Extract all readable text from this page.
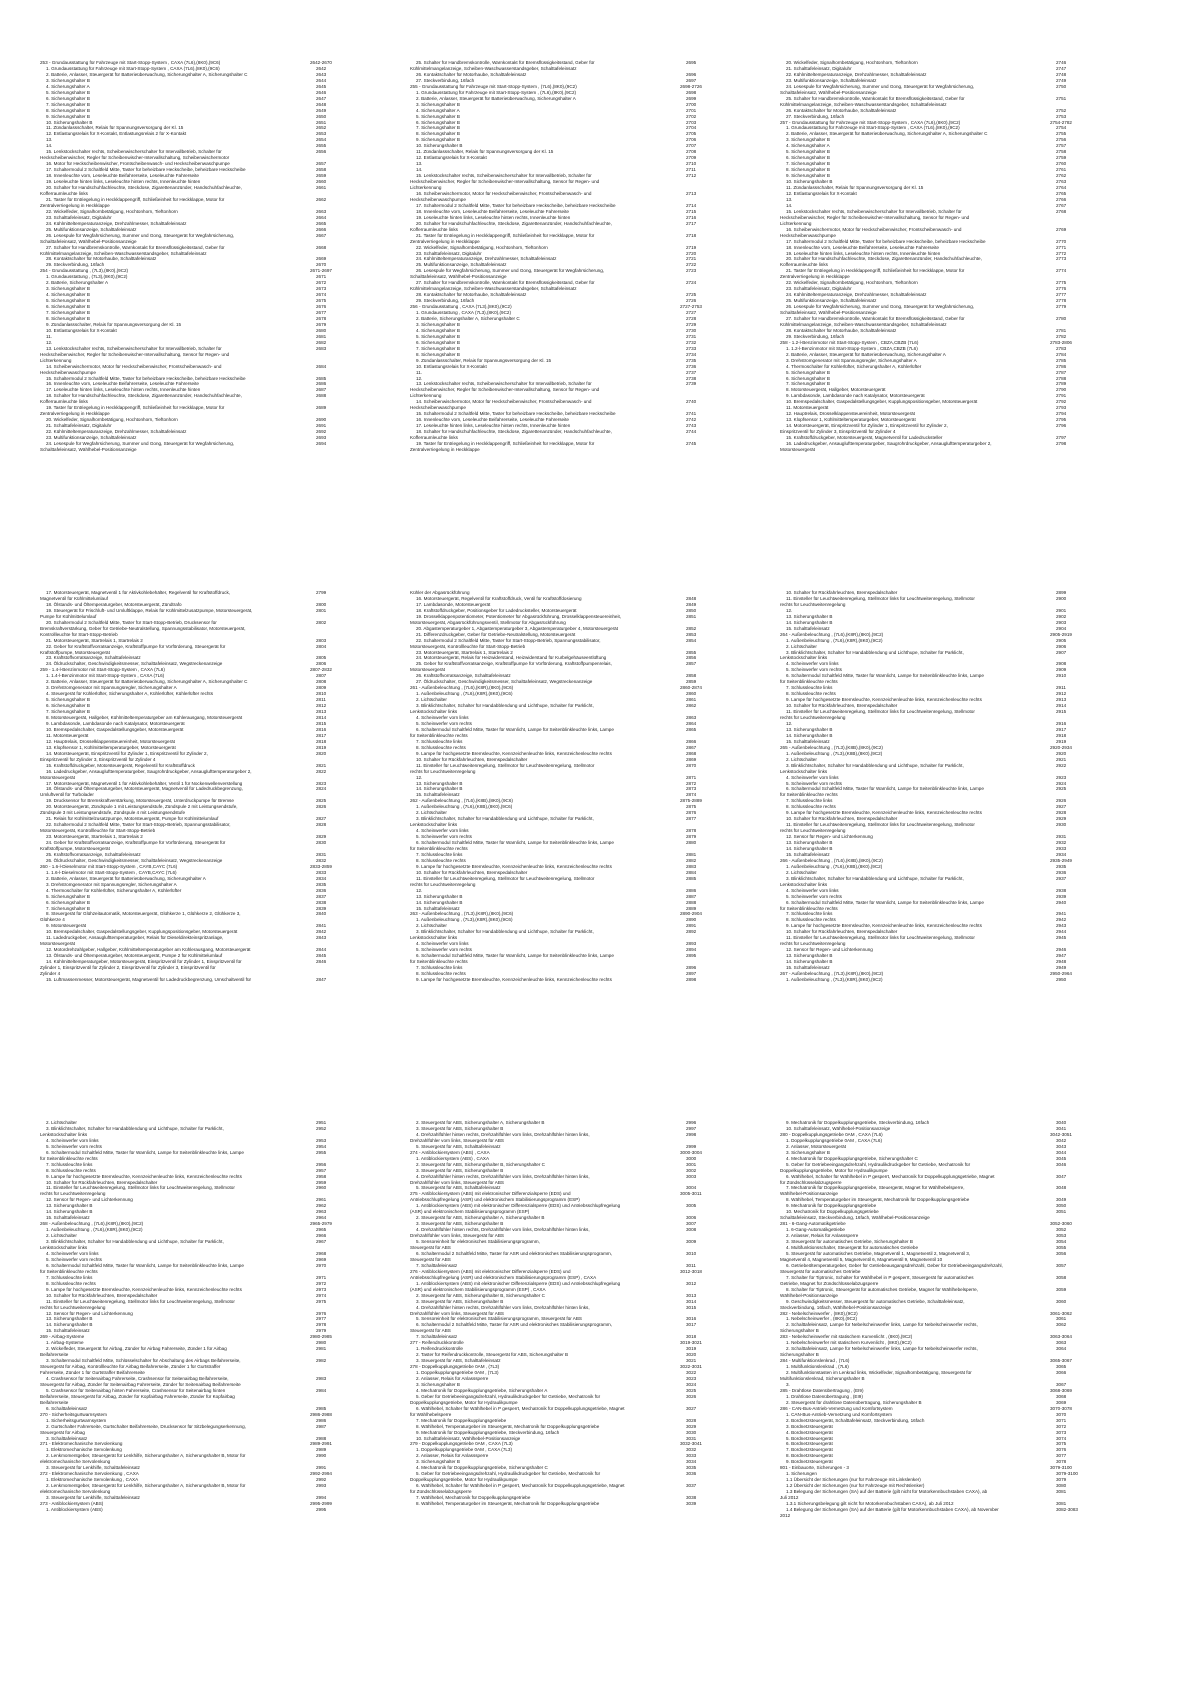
253 - Grundausstattung für Fahrzeuge mit Start-Stopp-System , CAXA (7L6),(8K0),(9C6)	2642-2670
1. Grundausstattung für Fahrzeuge mit Start-Stopp-System , CAXA (7L6),(8K0),(9C6)	2642
2. Batterie, Anlasser, Steuergerät für Batterieüberwachung, Sicherungshalter A, Sicherungshalter C	2643
3. Sicherungshalter B	2644
4. Sicherungshalter A	2645
5. Sicherungshalter B	2646
6. Sicherungshalter B	2647
7. Sicherungshalter B	2648
8. Sicherungshalter B	2649
9. Sicherungshalter B	2650
10. Sicherungshalter B	2651
11. Zündanlassschalter, Relais für Spannungsversorgung der Kl. 15	2652
12. Entlastungsrelais für X-Kontakt, Entlastungsrelais 2 für X-Kontakt	2653
13.	2654
14.	2655
15. Lenkstockschalter rechts, Scheibenwischerschalter für Intervallbetrieb, Schalter für	2656
Heckscheibenwischer, Regler für Scheibenwischer-Intervallschaltung, Scheibenwischermotor
16. Motor für Heckscheibenwischer, Frontscheibenwasch- und Heckscheibenwaschpumpe	2657
17. Schaltermodul 2 Schaltfeld Mitte, Taster für beheizbare Heckscheibe, beheizbare Heckscheibe	2658
18. Innenleuchte vorn, Leseleuchte Beifahrerseite, Leseleuchte Fahrerseite	2659
19. Leseleuchte hinten links, Leseleuchte hinten rechts, Innenleuchte hinten	2660
20. Schalter für Handschuhfachleuchte, Steckdose, Zigarettenanzünder, Handschuhfachleuchte,	2661
Kofferraumleuchte links
21. Taster für Entriegelung in Heckklappengriff, Schließeinheit für Heckklappe, Motor für	2662
Zentralverriegelung in Heckklappe
22. Wickelfeder, Signalhornbetätigung, Hochtonhorn, Tieftonhorn	2663
23. Schalttafeleinsatz, Digitaluhr	2664
24. Kühlmitteltemperaturanzeige, Drehzahlmesser, Schalttafeleinsatz	2665
25. Multifunktionsanzeige, Schalttafeleinsatz	2666
26. Lesespule für Wegfahrsicherung, Summer und Gong, Steuergerät für Wegfahrsicherung,	2667
Schalttafeleinsatz, Wählhebel-Positionsanzeige
27. Schalter für Handbremskontrolle, Warnkontakt für Bremsflüssigkeitsstand, Geber für	2668
Kühlmittelmangelanzeige, Scheiben-Waschwasserstandsgeber, Schalttafeleinsatz
28. Kontaktschalter für Motorhaube, Schalttafeleinsatz	2669
29. Steckverbindung, 16fach	2670
254 - Grundausstattung , (7L3),(8K0),(9C2)	2671-2697
1. Grundausstattung , (7L3),(8K0),(9C2)	2671
2. Batterie, Sicherungshalter A	2672
3. Sicherungshalter B	2673
4. Sicherungshalter B	2674
5. Sicherungshalter B	2675
6. Sicherungshalter B	2676
7. Sicherungshalter B	2677
8. Sicherungshalter B	2678
9. Zündanlassschalter, Relais für Spannungsversorgung der Kl. 15	2679
10. Entlastungsrelais für X-Kontakt	2680
11.	2681
12.	2682
13. Lenkstockschalter rechts, Scheibenwischerschalter für Intervallbetrieb, Schalter für	2683
Heckscheibenwischer, Regler für Scheibenwischer-Intervallschaltung, Sensor für Regen- und
Lichterkennung
14. Scheibenwischermotor, Motor für Heckscheibenwischer, Frontscheibenwasch- und	2684
Heckscheibenwaschpumpe
15. Schaltermodul 2 Schaltfeld Mitte, Taster für beheizbare Heckscheibe, beheizbare Heckscheibe	2685
16. Innenleuchte vorn, Leseleuchte Beifahrerseite, Leseleuchte Fahrerseite	2686
17. Leseleuchte hinten links, Leseleuchte hinten rechts, Innenleuchte hinten	2687
18. Schalter für Handschuhfachleuchte, Steckdose, Zigarettenanzünder, Handschuhfachleuchte,	2688
Kofferraumleuchte links
19. Taster für Entriegelung in Heckklappengriff, Schließeinheit für Heckklappe, Motor für	2689
Zentralverriegelung in Heckklappe
20. Wickelfeder, Signalhornbetätigung, Hochtonhorn, Tieftonhorn	2690
21. Schalttafeleinsatz, Digitaluhr	2691
22. Kühlmitteltemperaturanzeige, Drehzahlmesser, Schalttafeleinsatz	2692
23. Multifunktionsanzeige, Schalttafeleinsatz	2693
24. Lesespule für Wegfahrsicherung, Summer und Gong, Steuergerät für Wegfahrsicherung,	2694
Schalttafeleinsatz, Wählhebel-Positionsanzeige
25. Schalter für Handbremskontrolle, Warnkontakt für Bremsflüssigkeitsstand, Geber für	2695
Kühlmittelmangelanzeige, Scheiben-Waschwasserstandsgeber, Schalttafeleinsatz
26. Kontaktschalter für Motorhaube, Schalttafeleinsatz	2696
27. Steckverbindung, 16fach	2697
255 - Grundausstattung für Fahrzeuge mit Start-Stopp-System , (7L6),(8K0),(9C2)	2698-2726
1. Grundausstattung für Fahrzeuge mit Start-Stopp-System , (7L6),(8K0),(9C2)	2698
2. Batterie, Anlasser, Steuergerät für Batterieüberwachung, Sicherungshalter A	2699
3. Sicherungshalter B	2700
4. Sicherungshalter A	2701
5. Sicherungshalter B	2702
6. Sicherungshalter B	2703
7. Sicherungshalter B	2704
8. Sicherungshalter B	2705
9. Sicherungshalter B	2706
10. Sicherungshalter B	2707
11. Zündanlassschalter, Relais für Spannungsversorgung der Kl. 15	2708
12. Entlastungsrelais für X-Kontakt	2709
13.	2710
14.	2711
15. Lenkstockschalter rechts, Scheibenwischerschalter für Intervallbetrieb, Schalter für	2712
Heckscheibenwischer, Regler für Scheibenwischer-Intervallschaltung, Sensor für Regen- und
Lichterkennung
16. Scheibenwischermotor, Motor für Heckscheibenwischer, Frontscheibenwasch- und	2713
Heckscheibenwaschpumpe
17. Schaltermodul 2 Schaltfeld Mitte, Taster für beheizbare Heckscheibe, beheizbare Heckscheibe	2714
18. Innenleuchte vorn, Leseleuchte Beifahrerseite, Leseleuchte Fahrerseite	2715
19. Leseleuchte hinten links, Leseleuchte hinten rechts, Innenleuchte hinten	2716
20. Schalter für Handschuhfachleuchte, Steckdose, Zigarettenanzünder, Handschuhfachleuchte,	2717
Kofferraumleuchte links
21. Taster für Entriegelung in Heckklappengriff, Schließeinheit für Heckklappe, Motor für	2718
Zentralverriegelung in Heckklappe
22. Wickelfeder, Signalhornbetätigung, Hochtonhorn, Tieftonhorn	2719
23. Schalttafeleinsatz, Digitaluhr	2720
24. Kühlmitteltemperaturanzeige, Drehzahlmesser, Schalttafeleinsatz	2721
25. Multifunktionsanzeige, Schalttafeleinsatz	2722
26. Lesespule für Wegfahrsicherung, Summer und Gong, Steuergerät für Wegfahrsicherung,	2723
Schalttafeleinsatz, Wählhebel-Positionsanzeige
27. Schalter für Handbremskontrolle, Warnkontakt für Bremsflüssigkeitsstand, Geber für	2724
Kühlmittelmangelanzeige, Scheiben-Waschwasserstandsgeber, Schalttafeleinsatz
28. Kontaktschalter für Motorhaube, Schalttafeleinsatz	2725
29. Steckverbindung, 16fach	2726
256 - Grundausstattung , CAXA (7L3),(8K0),(9C2)	2727-2753
1. Grundausstattung , CAXA (7L3),(8K0),(9C2)	2727
2. Batterie, Sicherungshalter A, Sicherungshalter C	2728
3. Sicherungshalter B	2729
4. Sicherungshalter B	2730
5. Sicherungshalter B	2731
6. Sicherungshalter B	2732
7. Sicherungshalter B	2733
8. Sicherungshalter B	2734
9. Zündanlassschalter, Relais für Spannungsversorgung der Kl. 15	2735
10. Entlastungsrelais für X-Kontakt	2736
11.	2737
12.	2738
13. Lenkstockschalter rechts, Scheibenwischerschalter für Intervallbetrieb, Schalter für	2739
Heckscheibenwischer, Regler für Scheibenwischer-Intervallschaltung, Sensor für Regen- und
Lichterkennung
14. Scheibenwischermotor, Motor für Heckscheibenwischer, Frontscheibenwasch- und	2740
Heckscheibenwaschpumpe
15. Schaltermodul 2 Schaltfeld Mitte, Taster für beheizbare Heckscheibe, beheizbare Heckscheibe	2741
16. Innenleuchte vorn, Leseleuchte Beifahrerseite, Leseleuchte Fahrerseite	2742
17. Leseleuchte hinten links, Leseleuchte hinten rechts, Innenleuchte hinten	2743
18. Schalter für Handschuhfachleuchte, Steckdose, Zigarettenanzünder, Handschuhfachleuchte,	2744
Kofferraumleuchte links
19. Taster für Entriegelung in Heckklappengriff, Schließeinheit für Heckklappe, Motor für	2745
Zentralverriegelung in Heckklappe
20. Wickelfeder, Signalhornbetätigung, Hochtonhorn, Tieftonhorn	2746
21. Schalttafeleinsatz, Digitaluhr	2747
22. Kühlmitteltemperaturanzeige, Drehzahlmesser, Schalttafeleinsatz	2748
23. Multifunktionsanzeige, Schalttafeleinsatz	2749
24. Lesespule für Wegfahrsicherung, Summer und Gong, Steuergerät für Wegfahrsicherung,	2750
Schalttafeleinsatz, Wählhebel-Positionsanzeige
25. Schalter für Handbremskontrolle, Warnkontakt für Bremsflüssigkeitsstand, Geber für	2751
Kühlmittelmangelanzeige, Scheiben-Waschwasserstandsgeber, Schalttafeleinsatz
26. Kontaktschalter für Motorhaube, Schalttafeleinsatz	2752
27. Steckverbindung, 16fach	2753
257 - Grundausstattung für Fahrzeuge mit Start-Stopp-System , CAXA (7L6),(8K0),(9C2)	2754-2782
1. Grundausstattung für Fahrzeuge mit Start-Stopp-System , CAXA (7L6),(8K0),(9C2)	2754
2. Batterie, Anlasser, Steuergerät für Batterieüberwachung, Sicherungshalter A, Sicherungshalter C	2755
3. Sicherungshalter B	2756
4. Sicherungshalter A	2757
5. Sicherungshalter B	2758
6. Sicherungshalter B	2759
7. Sicherungshalter B	2760
8. Sicherungshalter B	2761
9. Sicherungshalter B	2762
10. Sicherungshalter B	2763
11. Zündanlassschalter, Relais für Spannungsversorgung der Kl. 15	2764
12. Entlastungsrelais für X-Kontakt	2765
13.	2766
14.	2767
15. Lenkstockschalter rechts, Scheibenwischerschalter für Intervallbetrieb, Schalter für	2768
Heckscheibenwischer, Regler für Scheibenwischer-Intervallschaltung, Sensor für Regen- und
Lichterkennung
16. Scheibenwischermotor, Motor für Heckscheibenwischer, Frontscheibenwasch- und	2769
Heckscheibenwaschpumpe
17. Schaltermodul 2 Schaltfeld Mitte, Taster für beheizbare Heckscheibe, beheizbare Heckscheibe	2770
18. Innenleuchte vorn, Leseleuchte Beifahrerseite, Leseleuchte Fahrerseite	2771
19. Leseleuchte hinten links, Leseleuchte hinten rechts, Innenleuchte hinten	2772
20. Schalter für Handschuhfachleuchte, Steckdose, Zigarettenanzünder, Handschuhfachleuchte,	2773
Kofferraumleuchte links
21. Taster für Entriegelung in Heckklappengriff, Schließeinheit für Heckklappe, Motor für	2774
Zentralverriegelung in Heckklappe
22. Wickelfeder, Signalhornbetätigung, Hochtonhorn, Tieftonhorn	2775
23. Schalttafeleinsatz, Digitaluhr	2776
24. Kühlmitteltemperaturanzeige, Drehzahlmesser, Schalttafeleinsatz	2777
25. Multifunktionsanzeige, Schalttafeleinsatz	2778
26. Lesespule für Wegfahrsicherung, Summer und Gong, Steuergerät für Wegfahrsicherung,	2779
Schalttafeleinsatz, Wählhebel-Positionsanzeige
27. Schalter für Handbremskontrolle, Warnkontakt für Bremsflüssigkeitsstand, Geber für	2780
Kühlmittelmangelanzeige, Scheiben-Waschwasserstandsgeber, Schalttafeleinsatz
28. Kontaktschalter für Motorhaube, Schalttafeleinsatz	2781
29. Steckverbindung, 16fach	2782
258 - 1.2-l-Benzinmotor mit Start-Stopp-System , CBZA,CBZB (7L6)	2783-2806
1. 1.2-l-Benzinmotor mit Start-Stopp-System , CBZA,CBZB (7L6)	2783
2. Batterie, Anlasser, Steuergerät für Batterieüberwachung, Sicherungshalter A	2784
3. Drehstromgenerator mit Spannungsregler, Sicherungshalter A	2785
4. Thermoschalter für Kühlerlüfter, Sicherungshalter A, Kühlerlüfter	2786
5. Sicherungshalter B	2787
6. Sicherungshalter B	2788
7. Sicherungshalter B	2789
8. Motorsteuergerät, Hallgeber, Motorsteuergerät	2790
9. Lambdasonde, Lambdasonde nach Katalysator, Motorsteuergerät	2791
10. Bremspedalschalter, Gaspedalstellungsgeber, Kupplungspositionsgeber, Motorsteuergerät	2792
11. Motorsteuergerät	2793
12. Hauptrelais, Drosselklappensteuereinheit, Motorsteuergerät	2794
13. Klopfsensor 1, Kühlmitteltemperaturgeber, Motorsteuergerät	2795
14. Motorsteuergerät, Einspritzventil für Zylinder 1, Einspritzventil für Zylinder 2,	2796
Einspritzventil für Zylinder 3, Einspritzventil für Zylinder 4
15. Kraftstoffdruckgeber, Motorsteuergerät, Magnetventil für Ladedrucksteller	2797
16. Ladedruckgeber, Ansauglufttemperaturgeber, Saugrohrdruckgeber, Ansauglufttemperaturgeber 2,	2798
Motorsteuergerät
17. Motorsteuergerät, Magnetventil 1 für Aktivkohlebehälter, Regelventil für Kraftstoffdruck,	2799
Magnetventil für Kühlmittelumlauf
18. Ölstands- und Öltemperaturgeber, Motorsteuergerät, Zündtrafo	2800
19. Steuergerät für Frischluft- und Umluftklappe, Relais für Kühlmittelzusatzpumpe, Motorsteuergerät,	2801
Pumpe für Kühlmittelumlauf
20. Schaltermodul 2 Schaltfeld Mitte, Taster für Start-Stopp-Betrieb, Drucksensor für	2802
Bremskraftverstärkung, Geber für Getriebe-Neutralstellung, Spannungsstabilisator, Motorsteuergerät,
Kontrollleuchte für Start-Stopp-Betrieb
21. Motorsteuergerät, Startrelais 1, Startrelais 2	2803
22. Geber für Kraftstoffvorratsanzeige, Kraftstoffpumpe für Vorförderung, Steuergerät für	2804
Kraftstoffpumpe, Motorsteuergerät
23. Kraftstoffvorratsanzeige, Schalttafeleinsatz	2805
24. Öldruckschalter, Geschwindigkeitsmesser, Schalttafeleinsatz, Wegstreckenanzeige	2806
259 - 1.4-l-Benzinmotor mit Start-Stopp-System , CAXA (7L6)	2807-2832
1. 1.4-l-Benzinmotor mit Start-Stopp-System , CAXA (7L6)	2807
2. Batterie, Anlasser, Steuergerät für Batterieüberwachung, Sicherungshalter A, Sicherungshalter C	2808
3. Drehstromgenerator mit Spannungsregler, Sicherungshalter A	2809
4. Steuergerät für Kühlerlüfter, Sicherungshalter A, Kühlerlüfter, Kühlerlüfter rechts	2810
5. Sicherungshalter B	2811
6. Sicherungshalter B	2812
7. Sicherungshalter B	2813
8. Motorsteuergerät, Hallgeber, Kühlmitteltemperaturgeber am Kühlerausgang, Motorsteuergerät	2814
9. Lambdasonde, Lambdasonde nach Katalysator, Motorsteuergerät	2815
10. Bremspedalschalter, Gaspedalstellungsgeber, Motorsteuergerät	2816
11. Motorsteuergerät	2817
12. Hauptrelais, Drosselklappensteuereinheit, Motorsteuergerät	2818
13. Klopfsensor 1, Kühlmitteltemperaturgeber, Motorsteuergerät	2819
14. Motorsteuergerät, Einspritzventil für Zylinder 1, Einspritzventil für Zylinder 2,	2820
Einspritzventil für Zylinder 3, Einspritzventil für Zylinder 4
15. Kraftstoffdruckgeber, Motorsteuergerät, Regelventil für Kraftstoffdruck	2821
16. Ladedruckgeber, Ansauglufttemperaturgeber, Saugrohrdruckgeber, Ansauglufttemperaturgeber 2,	2822
Motorsteuergerät
17. Motorsteuergerät, Magnetventil 1 für Aktivkohlebehälter, Ventil 1 für Nockenwellenverstellung	2823
18. Ölstands- und Öltemperaturgeber, Motorsteuergerät, Magnetventil für Ladedruckbegrenzung,	2824
Umluftventil für Turbolader
19. Drucksensor für Bremskraftverstärkung, Motorsteuergerät, Unterdruckpumpe für Bremse	2825
20. Motorsteuergerät, Zündspule 1 mit Leistungsendstufe, Zündspule 2 mit Leistungsendstufe,	2826
Zündspule 3 mit Leistungsendstufe, Zündspule 4 mit Leistungsendstufe
21. Relais für Kühlmittelzusatzpumpe, Motorsteuergerät, Pumpe für Kühlmittelumlauf	2827
22. Schaltermodul 2 Schaltfeld Mitte, Taster für Start-Stopp-Betrieb, Spannungsstabilisator,	2828
Motorsteuergerät, Kontrollleuchte für Start-Stopp-Betrieb
23. Motorsteuergerät, Startrelais 1, Startrelais 2	2829
24. Geber für Kraftstoffvorratsanzeige, Kraftstoffpumpe für Vorförderung, Steuergerät für	2830
Kraftstoffpumpe, Motorsteuergerät
25. Kraftstoffvorratsanzeige, Schalttafeleinsatz	2831
26. Öldruckschalter, Geschwindigkeitsmesser, Schalttafeleinsatz, Wegstreckenanzeige	2832
260 - 1.6-l-Dieselmotor mit Start-Stopp-System , CAYB,CAYC (7L6)	2833-2859
1. 1.6-l-Dieselmotor mit Start-Stopp-System , CAYB,CAYC (7L6)	2833
2. Batterie, Anlasser, Steuergerät für Batterieüberwachung, Sicherungshalter A	2834
3. Drehstromgenerator mit Spannungsregler, Sicherungshalter A	2835
4. Thermoschalter für Kühlerlüfter, Sicherungshalter A, Kühlerlüfter	2836
5. Sicherungshalter B	2837
6. Sicherungshalter B	2838
7. Sicherungshalter B	2839
8. Steuergerät für Glühzeitautomatik, Motorsteuergerät, Glühkerze 1, Glühkerze 2, Glühkerze 3,	2840
Glühkerze 4
9. Motorsteuergerät	2841
10. Bremspedalschalter, Gaspedalstellungsgeber, Kupplungspositionsgeber, Motorsteuergerät	2842
11. Ladedruckgeber, Ansauglufttemperaturgeber, Relais für Dieseldirekteinspritzanlage,	2843
Motorsteuergerät
12. Motordrehzahlgeber, Hallgeber, Kühlmitteltemperaturgeber am Kühlerausgang, Motorsteuergerät	2844
13. Ölstands- und Öltemperaturgeber, Motorsteuergerät, Pumpe 2 für Kühlmittelumlauf	2845
14. Kühlmitteltemperaturgeber, Motorsteuergerät, Einspritzventil für Zylinder 1, Einspritzventil für	2846
Zylinder 1, Einspritzventil für Zylinder 2, Einspritzventil für Zylinder 3, Einspritzventil für
Zylinder 4
15. Luftmassenmesser, Motorsteuergerät, Magnetventil für Ladedruckbegrenzung, Umschaltventil für	2847
Kühler der Abgasrückführung
16. Motorsteuergerät, Regelventil für Kraftstoffdruck, Ventil für Kraftstoffdosierung	2848
17. Lambdasonde, Motorsteuergerät	2849
18. Kraftstoffdruckgeber, Positionsgeber für Ladedrucksteller, Motorsteuergerät	2850
19. Drosselklappenpotentiometer, Potentiometer für Abgasrückführung, Drosselklappensteuereinheit,	2851
Motorsteuergerät, Abgasrückführungsventil, Stellmotor für Abgasrückführung
20. Abgastemperaturgeber 1, Abgastemperaturgeber 3, Abgastemperaturgeber 4, Motorsteuergerät	2852
21. Differenzdruckgeber, Geber für Getriebe-Neutralstellung, Motorsteuergerät	2853
22. Schaltermodul 2 Schaltfeld Mitte, Taster für Start-Stopp-Betrieb, Spannungsstabilisator,	2854
Motorsteuergerät, Kontrollleuchte für Start-Stopp-Betrieb
23. Motorsteuergerät, Startrelais 1, Startrelais 2	2855
24. Motorsteuergerät, Relais für Heizwiderstand, Heizwiderstand für Kurbelgehäuseentlüftung	2856
25. Geber für Kraftstoffvorratsanzeige, Kraftstoffpumpe für Vorförderung, Kraftstoffpumpenrelais,	2857
Motorsteuergerät
26. Kraftstoffvorratsanzeige, Schalttafeleinsatz	2858
27. Öldruckschalter, Geschwindigkeitsmesser, Schalttafeleinsatz, Wegstreckenanzeige	2859
261 - Außenbeleuchtung , (7L6),(K8R),(8K0),(9C6)	2860-2874
1. Außenbeleuchtung , (7L6),(K8R),(8K0),(9C6)	2860
2. Lichtschalter	2861
3. Blinklichtschalter, Schalter für Handabblendung und Lichthupe, Schalter für Parklicht,	2862
Lenkstockschalter links
4. Scheinwerfer vorn links	2863
5. Scheinwerfer vorn rechts	2864
6. Schaltermodul Schaltfeld Mitte, Taster für Warnlicht, Lampe für Seitenblinkleuchte links, Lampe	2865
für Seitenblinkleuchte rechts
7. Schlussleuchte links	2866
8. Schlussleuchte rechts	2867
9. Lampe für hochgesetzte Bremsleuchte, Kennzeichenleuchte links, Kennzeichenleuchte rechts	2868
10. Schalter für Rückfahrleuchten, Bremspedalschalter	2869
11. Einsteller für Leuchtweitenregelung, Stellmotor für Leuchtweitenregelung, Stellmotor	2870
rechts für Leuchtweitenregelung
12.	2871
13. Sicherungshalter B	2872
14. Sicherungshalter B	2873
15. Schalttafeleinsatz	2874
262 - Außenbeleuchtung , (7L6),(K8B),(8K0),(9C6)	2875-2889
1. Außenbeleuchtung , (7L6),(K8B),(8K0),(9C6)	2875
2. Lichtschalter	2876
3. Blinklichtschalter, Schalter für Handabblendung und Lichthupe, Schalter für Parklicht,	2877
Lenkstockschalter links
4. Scheinwerfer vorn links	2878
5. Scheinwerfer vorn rechts	2879
6. Schaltermodul Schaltfeld Mitte, Taster für Warnlicht, Lampe für Seitenblinkleuchte links, Lampe	2880
für Seitenblinkleuchte rechts
7. Schlussleuchte links	2881
8. Schlussleuchte rechts	2882
9. Lampe für hochgesetzte Bremsleuchte, Kennzeichenleuchte links, Kennzeichenleuchte rechts	2883
10. Schalter für Rückfahrleuchten, Bremspedalschalter	2884
11. Einsteller für Leuchtweitenregelung, Stellmotor für Leuchtweitenregelung, Stellmotor	2885
rechts für Leuchtweitenregelung
12.	2886
13. Sicherungshalter B	2887
14. Sicherungshalter B	2888
15. Schalttafeleinsatz	2889
263 - Außenbeleuchtung , (7L3),(K8R),(8K0),(9C6)	2890-2904
1. Außenbeleuchtung , (7L3),(K8R),(8K0),(9C6)	2890
2. Lichtschalter	2891
3. Blinklichtschalter, Schalter für Handabblendung und Lichthupe, Schalter für Parklicht,	2892
Lenkstockschalter links
4. Scheinwerfer vorn links	2893
5. Scheinwerfer vorn rechts	2894
6. Schaltermodul Schaltfeld Mitte, Taster für Warnlicht, Lampe für Seitenblinkleuchte links, Lampe	2895
für Seitenblinkleuchte rechts
7. Schlussleuchte links	2896
8. Schlussleuchte rechts	2897
9. Lampe für hochgesetzte Bremsleuchte, Kennzeichenleuchte links, Kennzeichenleuchte rechts	2898
10. Schalter für Rückfahrleuchten, Bremspedalschalter	2899
11. Einsteller für Leuchtweitenregelung, Stellmotor links für Leuchtweitenregelung, Stellmotor	2900
rechts für Leuchtweitenregelung
12.	2901
13. Sicherungshalter B	2902
14. Sicherungshalter B	2903
15. Schalttafeleinsatz	2904
264 - Außenbeleuchtung , (7L6),(K8R),(8K0),(9C2)	2905-2919
1. Außenbeleuchtung , (7L6),(K8R),(8K0),(9C2)	2905
2. Lichtschalter	2906
3. Blinklichtschalter, Schalter für Handabblendung und Lichthupe, Schalter für Parklicht,	2907
Lenkstockschalter links
4. Scheinwerfer vorn links	2908
5. Scheinwerfer vorn rechts	2909
6. Schaltermodul Schaltfeld Mitte, Taster für Warnlicht, Lampe für Seitenblinkleuchte links, Lampe	2910
für Seitenblinkleuchte rechts
7. Schlussleuchte links	2911
8. Schlussleuchte rechts	2912
9. Lampe für hochgesetzte Bremsleuchte, Kennzeichenleuchte links, Kennzeichenleuchte rechts	2913
10. Schalter für Rückfahrleuchten, Bremspedalschalter	2914
11. Einsteller für Leuchtweitenregelung, Stellmotor links für Leuchtweitenregelung, Stellmotor	2915
rechts für Leuchtweitenregelung
12.	2916
13. Sicherungshalter B	2917
14. Sicherungshalter B	2918
15. Schalttafeleinsatz	2919
265 - Außenbeleuchtung , (7L3),(K8B),(8K0),(9C2)	2920-2934
1. Außenbeleuchtung , (7L3),(K8B),(8K0),(9C2)	2920
2. Lichtschalter	2921
3. Blinklichtschalter, Schalter für Handabblendung und Lichthupe, Schalter für Parklicht,	2922
Lenkstockschalter links
4. Scheinwerfer vorn links	2923
5. Scheinwerfer vorn rechts	2924
6. Schaltermodul Schaltfeld Mitte, Taster für Warnlicht, Lampe für Seitenblinkleuchte links, Lampe	2925
für Seitenblinkleuchte rechts
7. Schlussleuchte links	2926
8. Schlussleuchte rechts	2927
9. Lampe für hochgesetzte Bremsleuchte, Kennzeichenleuchte links, Kennzeichenleuchte rechts	2928
10. Schalter für Rückfahrleuchten, Bremspedalschalter	2929
11. Einsteller für Leuchtweitenregelung, Stellmotor links für Leuchtweitenregelung, Stellmotor	2930
rechts für Leuchtweitenregelung
12. Sensor für Regen- und Lichterkennung	2931
13. Sicherungshalter B	2932
14. Sicherungshalter B	2933
15. Schalttafeleinsatz	2934
266 - Außenbeleuchtung , (7L6),(K8B),(8K0),(9C2)	2935-2949
1. Außenbeleuchtung , (7L6),(K8B),(8K0),(9C2)	2935
2. Lichtschalter	2936
3. Blinklichtschalter, Schalter für Handabblendung und Lichthupe, Schalter für Parklicht,	2937
Lenkstockschalter links
4. Scheinwerfer vorn links	2938
5. Scheinwerfer vorn rechts	2939
6. Schaltermodul Schaltfeld Mitte, Taster für Warnlicht, Lampe für Seitenblinkleuchte links, Lampe	2940
für Seitenblinkleuchte rechts
7. Schlussleuchte links	2941
8. Schlussleuchte rechts	2942
9. Lampe für hochgesetzte Bremsleuchte, Kennzeichenleuchte links, Kennzeichenleuchte rechts	2943
10. Schalter für Rückfahrleuchten, Bremspedalschalter	2944
11. Einsteller für Leuchtweitenregelung, Stellmotor links für Leuchtweitenregelung, Stellmotor	2945
rechts für Leuchtweitenregelung
12. Sensor für Regen- und Lichterkennung	2946
13. Sicherungshalter B	2947
14. Sicherungshalter B	2948
15. Schalttafeleinsatz	2949
267 - Außenbeleuchtung , (7L3),(K8R),(8K0),(9C2)	2950-2964
1. Außenbeleuchtung , (7L3),(K8R),(8K0),(9C2)	2950
2. Lichtschalter	2951
3. Blinklichtschalter, Schalter für Handabblendung und Lichthupe, Schalter für Parklicht,	2952
Lenkstockschalter links
4. Scheinwerfer vorn links	2953
5. Scheinwerfer vorn rechts	2954
6. Schaltermodul Schaltfeld Mitte, Taster für Warnlicht, Lampe für Seitenblinkleuchte links, Lampe	2955
für Seitenblinkleuchte rechts
7. Schlussleuchte links	2956
8. Schlussleuchte rechts	2957
9. Lampe für hochgesetzte Bremsleuchte, Kennzeichenleuchte links, Kennzeichenleuchte rechts	2958
10. Schalter für Rückfahrleuchten, Bremspedalschalter	2959
11. Einsteller für Leuchtweitenregelung, Stellmotor links für Leuchtweitenregelung, Stellmotor	2960
rechts für Leuchtweitenregelung
12. Sensor für Regen- und Lichterkennung	2961
13. Sicherungshalter B	2962
14. Sicherungshalter B	2963
15. Schalttafeleinsatz	2964
268 - Außenbeleuchtung , (7L6),(K8R),(8K0),(9C2)	2965-2979
1. Außenbeleuchtung , (7L6),(K8R),(8K0),(9C2)	2965
2. Lichtschalter	2966
3. Blinklichtschalter, Schalter für Handabblendung und Lichthupe, Schalter für Parklicht,	2967
Lenkstockschalter links
4. Scheinwerfer vorn links	2968
5. Scheinwerfer vorn rechts	2969
6. Schaltermodul Schaltfeld Mitte, Taster für Warnlicht, Lampe für Seitenblinkleuchte links, Lampe	2970
für Seitenblinkleuchte rechts
7. Schlussleuchte links	2971
8. Schlussleuchte rechts	2972
9. Lampe für hochgesetzte Bremsleuchte, Kennzeichenleuchte links, Kennzeichenleuchte rechts	2973
10. Schalter für Rückfahrleuchten, Bremspedalschalter	2974
11. Einsteller für Leuchtweitenregelung, Stellmotor links für Leuchtweitenregelung, Stellmotor	2975
rechts für Leuchtweitenregelung
12. Sensor für Regen- und Lichterkennung	2976
13. Sicherungshalter B	2977
14. Sicherungshalter B	2978
15. Schalttafeleinsatz	2979
269 - Airbag-Systeme	2980-2985
1. Airbag-Systeme	2980
2. Wickelfeder, Steuergerät für Airbag, Zünder für Airbag Fahrerseite, Zünder 1 für Airbag	2981
Beifahrerseite
3. Schaltermodul Schaltfeld Mitte, Schlüsselschalter für Abschaltung des Airbags Beifahrerseite,	2982
Steuergerät für Airbag, Kontrollleuchte für Airbag Beifahrerseite, Zünder 1 für Gurtstraffer
Fahrerseite, Zünder 1 für Gurtstraffer Beifahrerseite
4. Crashsensor für Seitenairbag Fahrerseite, Crashsensor für Seitenairbag Beifahrerseite,	2983
Steuergerät für Airbag, Zünder für Seitenairbag Fahrerseite, Zünder für Seitenairbag Beifahrerseite
5. Crashsensor für Seitenairbag hinten Fahrerseite, Crashsensor für Seitenairbag hinten	2984
Beifahrerseite, Steuergerät für Airbag, Zünder für Kopfairbag Fahrerseite, Zünder für Kopfairbag
Beifahrerseite
6. Schalttafeleinsatz	2985
270 - Sicherheitsgurtwarnsystem	2986-2988
1. Sicherheitsgurtwarnsystem	2986
2. Gurtschalter Fahrerseite, Gurtschalter Beifahrerseite, Drucksensor für Sitzbelegungserkennung,	2987
Steuergerät für Airbag
3. Schalttafeleinsatz	2988
271 - Elektromechanische Servolenkung	2989-2991
1. Elektromechanische Servolenkung	2989
2. Lenkmomentgeber, Steuergerät für Lenkhilfe, Sicherungshalter A, Sicherungshalter B, Motor für	2990
elektromechanische Servolenkung
3. Steuergerät für Lenkhilfe, Schalttafeleinsatz	2991
272 - Elektromechanische Servolenkung , CAXA	2992-2994
1. Elektromechanische Servolenkung , CAXA	2992
2. Lenkmomentgeber, Steuergerät für Lenkhilfe, Sicherungshalter A, Sicherungshalter B, Motor für	2993
elektromechanische Servolenkung
3. Steuergerät für Lenkhilfe, Schalttafeleinsatz	2994
273 - Antiblockiersystem (ABS)	2995-2999
1. Antiblockiersystem (ABS)	2995
2. Steuergerät für ABS, Sicherungshalter A, Sicherungshalter B	2996
3. Steuergerät für ABS, Sicherungshalter B	2997
4. Drehzahlfühler hinten rechts, Drehzahlfühler vorn links, Drehzahlfühler hinten links,	2998
Drehzahlfühler vorn links, Steuergerät für ABS
5. Steuergerät für ABS, Schalttafeleinsatz	2999
274 - Antiblockiersystem (ABS) , CAXA	3000-3004
1. Antiblockiersystem (ABS) , CAXA	3000
2. Steuergerät für ABS, Sicherungshalter B, Sicherungshalter C	3001
3. Steuergerät für ABS, Sicherungshalter B	3002
4. Drehzahlfühler hinten rechts, Drehzahlfühler vorn links, Drehzahlfühler hinten links,	3003
Drehzahlfühler vorn links, Steuergerät für ABS
5. Steuergerät für ABS, Schalttafeleinsatz	3004
275 - Antiblockiersystem (ABS) mit elektronischer Differenzialsperre (EDS) und	3005-3011
Antriebsschlupfregelung (ASR) und elektronischem Stabilisierungsprogramm (ESP)
1. Antiblockiersystem (ABS) mit elektronischer Differenzialsperre (EDS) und Antriebsschlupfregelung	3005
(ASR) und elektronischem Stabilisierungsprogramm (ESP)
2. Steuergerät für ABS, Sicherungshalter A, Sicherungshalter B	3006
3. Steuergerät für ABS, Sicherungshalter B	3007
4. Drehzahlfühler hinten rechts, Drehzahlfühler vorn links, Drehzahlfühler hinten links,	3008
Drehzahlfühler vorn links, Steuergerät für ABS
5. Sensoreinheit für elektronisches Stabilisierungsprogramm,	3009
Steuergerät für ABS
6. Schaltermodul 2 Schaltfeld Mitte, Taster für ASR und elektronisches Stabilisierungsprogramm,	3010
Steuergerät für ABS
7. Schalttafeleinsatz	3011
276 - Antiblockiersystem (ABS) mit elektronischer Differenzialsperre (EDS) und	3012-3018
Antriebsschlupfregelung (ASR) und elektronischem Stabilisierungsprogramm (ESP) , CAXA
1. Antiblockiersystem (ABS) mit elektronischer Differenzialsperre (EDS) und Antriebsschlupfregelung	3012
(ASR) und elektronischem Stabilisierungsprogramm (ESP) , CAXA
2. Steuergerät für ABS, Sicherungshalter B, Sicherungshalter C	3013
3. Steuergerät für ABS, Sicherungshalter B	3014
4. Drehzahlfühler hinten rechts, Drehzahlfühler vorn links, Drehzahlfühler hinten links,	3015
Drehzahlfühler vorn links, Steuergerät für ABS
5. Sensoreinheit für elektronisches Stabilisierungsprogramm, Steuergerät für ABS	3016
6. Schaltermodul 2 Schaltfeld Mitte, Taster für ASR und elektronisches Stabilisierungsprogramm,	3017
Steuergerät für ABS
7. Schalttafeleinsatz	3018
277 - Reifendruckkontrolle	3019-3021
1. Reifendruckkontrolle	3019
2. Taster für Reifendruckkontrolle, Steuergerät für ABS, Sicherungshalter B	3020
3. Steuergerät für ABS, Schalttafeleinsatz	3021
278 - Doppelkupplungsgetriebe 0AM , (7L3)	3022-3031
1. Doppelkupplungsgetriebe 0AM , (7L3)	3022
2. Anlasser, Relais für Anlasssperre	3023
3. Sicherungshalter B	3024
4. Mechatronik für Doppelkupplungsgetriebe, Sicherungshalter A	3025
5. Geber für Getriebeeingangsdrehzahl, Hydraulikdruckgeber für Getriebe, Mechatronik für	3026
Doppelkupplungsgetriebe, Motor für Hydraulikpumpe
6. Wählhebel, Schalter für Wählhebel in P gesperrt, Mechatronik für Doppelkupplungsgetriebe, Magnet	3027
für Wählhebelsperre
7. Mechatronik für Doppelkupplungsgetriebe	3028
8. Wählhebel, Temperaturgeber im Steuergerät, Mechatronik für Doppelkupplungsgetriebe	3029
9. Mechatronik für Doppelkupplungsgetriebe, Steckverbindung, 16fach	3030
10. Schalttafeleinsatz, Wählhebel-Positionsanzeige	3031
279 - Doppelkupplungsgetriebe 0AM , CAXA (7L3)	3032-3041
1. Doppelkupplungsgetriebe 0AM , CAXA (7L3)	3032
2. Anlasser, Relais für Anlasssperre	3033
3. Sicherungshalter B	3034
4. Mechatronik für Doppelkupplungsgetriebe, Sicherungshalter C	3035
5. Geber für Getriebeeingangsdrehzahl, Hydraulikdruckgeber für Getriebe, Mechatronik für	3036
Doppelkupplungsgetriebe, Motor für Hydraulikpumpe
6. Wählhebel, Schalter für Wählhebel in P gesperrt, Mechatronik für Doppelkupplungsgetriebe, Magnet	3037
für Zündschlüsselabzugsperre
7. Wählhebel, Mechatronik für Doppelkupplungsgetriebe	3038
8. Wählhebel, Temperaturgeber im Steuergerät, Mechatronik für Doppelkupplungsgetriebe	3039
9. Mechatronik für Doppelkupplungsgetriebe, Steckverbindung, 16fach	3040
10. Schalttafeleinsatz, Wählhebel-Positionsanzeige	3041
280 - Doppelkupplungsgetriebe 0AM , CAXA (7L6)	3042-3051
1. Doppelkupplungsgetriebe 0AM , CAXA (7L6)	3042
2. Anlasser, Motorsteuergerät	3043
3. Sicherungshalter B	3044
4. Mechatronik für Doppelkupplungsgetriebe, Sicherungshalter C	3045
5. Geber für Getriebeeingangsdrehzahl, Hydraulikdruckgeber für Getriebe, Mechatronik für	3046
Doppelkupplungsgetriebe, Motor für Hydraulikpumpe
6. Wählhebel, Schalter für Wählhebel in P gesperrt, Mechatronik für Doppelkupplungsgetriebe, Magnet	3047
für Zündschlüsselabzugsperre
7. Mechatronik für Doppelkupplungsgetriebe, Steuergerät, Magnet für Wählhebelsperre,	3048
Wählhebel-Positionsanzeige
8. Wählhebel, Temperaturgeber im Steuergerät, Mechatronik für Doppelkupplungsgetriebe	3049
9. Mechatronik für Doppelkupplungsgetriebe	3050
10. Mechatronik für Doppelkupplungsgetriebe	3051
Schalttafeleinsatz, Steckverbindung, 16fach, Wählhebel-Positionsanzeige
281 - 6-Gang-Automatikgetriebe	3052-3060
1. 6-Gang-Automatikgetriebe	3052
2. Anlasser, Relais für Anlasssperre	3053
3. Steuergerät für automatisches Getriebe, Sicherungshalter B	3054
4. Multifunktionsschalter, Steuergerät für automatisches Getriebe	3055
5. Steuergerät für automatisches Getriebe, Magnetventil 1, Magnetventil 2, Magnetventil 3,	3056
Magnetventil 4, Magnetventil 5, Magnetventil 6, Magnetventil 9, Magnetventil 10
6. Getriebeöltemperaturgeber, Geber für Getriebeausgangsdrehzahl, Geber für Getriebeeingangsdrehzahl,	3057
Steuergerät für automatisches Getriebe
7. Schalter für Tiptronic, Schalter für Wählhebel in P gesperrt, Steuergerät für automatisches	3058
Getriebe, Magnet für Zündschlüsselabzugsperre
8. Schalter für Tiptronic, Steuergerät für automatisches Getriebe, Magnet für Wählhebelsperre,	3059
Wählhebel-Positionsanzeige
9. Geschwindigkeitsmesser, Steuergerät für automatisches Getriebe, Schalttafeleinsatz,	3060
Steckverbindung, 16fach, Wählhebel-Positionsanzeige
282 - Nebelscheinwerfer , (8K0),(9C2)	3061-3062
1. Nebelscheinwerfer , (8K0),(9C2)	3061
2. Schalttafeleinsatz, Lampe für Nebelscheinwerfer links, Lampe für Nebelscheinwerfer rechts,	3062
Sicherungshalter B
283 - Nebelscheinwerfer mit statischem Kurvenlicht , (8K0),(9C2)	3063-3064
1. Nebelscheinwerfer mit statischem Kurvenlicht , (8K0),(9C2)	3063
2. Schalttafeleinsatz, Lampe für Nebelscheinwerfer links, Lampe für Nebelscheinwerfer rechts,	3064
Sicherungshalter B
284 - Multifunktionslenkrad , (7L6)	3065-3067
1. Multifunktionslenkrad , (7L6)	3065
2. Multifunktionstasten im Lenkrad links, Wickelfeder, Signalhornbetätigung, Steuergerät für	3066
Multifunktionslenkrad, Sicherungshalter B
3.	3067
285 - Drahtlose Datenübertragung , (EI9)	3068-3069
1. Drahtlose Datenübertragung , (EI9)	3068
2. Steuergerät für drahtlose Datenübertragung, Sicherungshalter B	3069
286 - CAN-Bus-Antrieb-Vernetzung und Komfortsystem	3070-3078
1. CAN-Bus-Antrieb-Vernetzung und Komfortsystem	3070
2. Bordnetzsteuergerät, Schalttafeleinsatz, Steckverbindung, 16fach	3071
3. Bordnetzsteuergerät	3072
4. Bordnetzsteuergerät	3073
5. Bordnetzsteuergerät	3074
6. Bordnetzsteuergerät	3075
7. Bordnetzsteuergerät	3076
8. Bordnetzsteuergerät	3077
9. Bordnetzsteuergerät	3078
801 - Einbauorte, Sicherungen - 3	3079-3100
1. Sicherungen	3079-3100
1.1 Übersicht der Sicherungen (nur für Fahrzeuge mit Linkslenker)	3079
1.2 Übersicht der Sicherungen (nur für Fahrzeuge mit Rechtslenker)	3080
1.3 Belegung der Sicherungen (SA) auf der Batterie (gilt nicht für Motorkennbuchstaben CAXA), ab	3081
Juli 2012
1.3.1 Sicherungsbelegung gilt nicht für Motorkennbuchstaben CAXA), ab Juli 2012	3081
1.4 Belegung der Sicherungen (SA) auf der Batterie (gilt für Motorkennbuchstaben CAXA), ab November	3082-3083
2012
